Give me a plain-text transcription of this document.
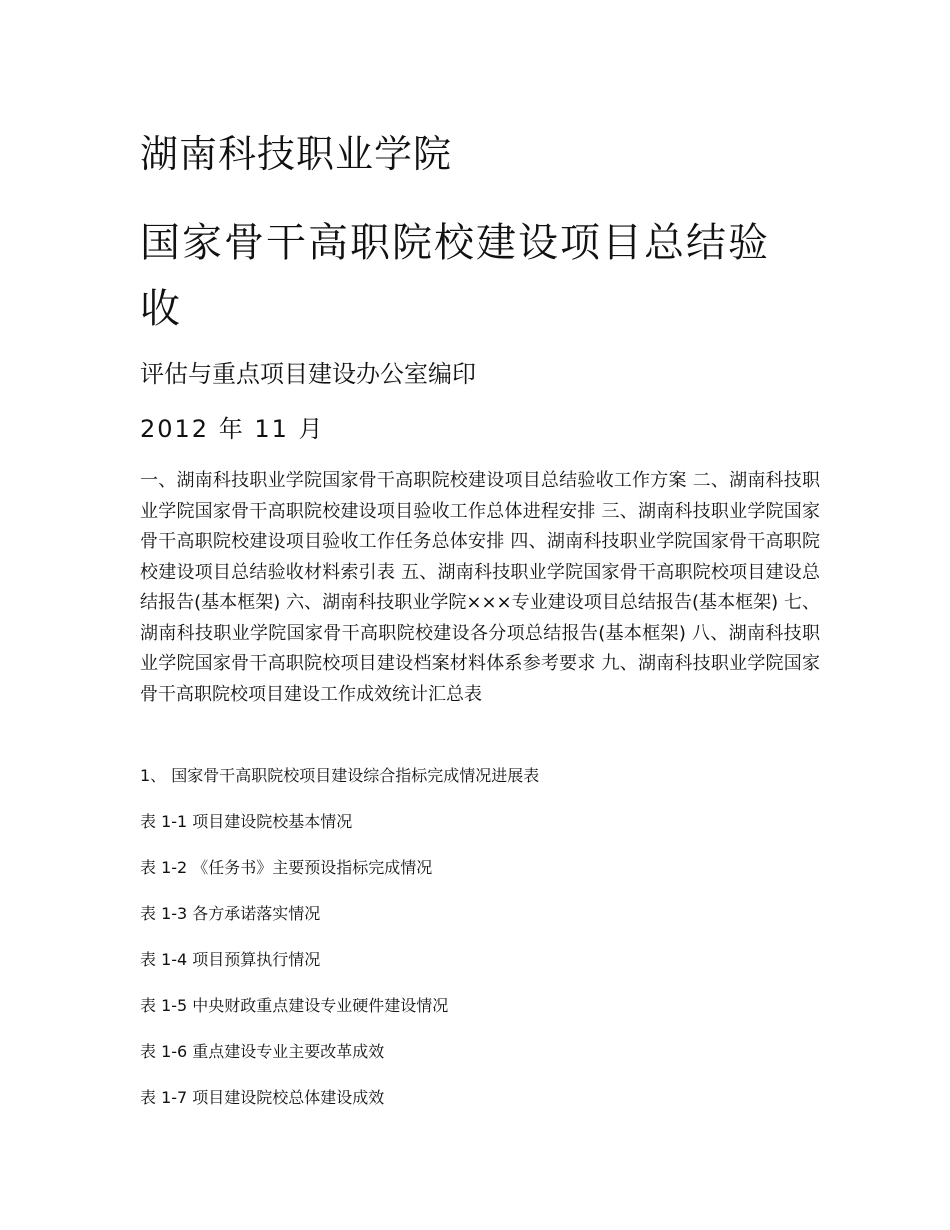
湖南科技职业学院
国家骨干高职院校建设项目总结验收
评估与重点项目建设办公室编印
2012 年 11 月

一、湖南科技职业学院国家骨干高职院校建设项目总结验收工作方案 二、湖南科技职业学院国家骨干高职院校建设项目验收工作总体进程安排 三、湖南科技职业学院国家骨干高职院校建设项目验收工作任务总体安排 四、湖南科技职业学院国家骨干高职院校建设项目总结验收材料索引表 五、湖南科技职业学院国家骨干高职院校项目建设总结报告(基本框架) 六、湖南科技职业学院×××专业建设项目总结报告(基本框架) 七、湖南科技职业学院国家骨干高职院校建设各分项总结报告(基本框架) 八、湖南科技职业学院国家骨干高职院校项目建设档案材料体系参考要求 九、湖南科技职业学院国家骨干高职院校项目建设工作成效统计汇总表

1、 国家骨干高职院校项目建设综合指标完成情况进展表
表 1-1 项目建设院校基本情况
表 1-2 《任务书》主要预设指标完成情况
表 1-3 各方承诺落实情况
表 1-4 项目预算执行情况
表 1-5 中央财政重点建设专业硬件建设情况
表 1-6 重点建设专业主要改革成效
表 1-7 项目建设院校总体建设成效
